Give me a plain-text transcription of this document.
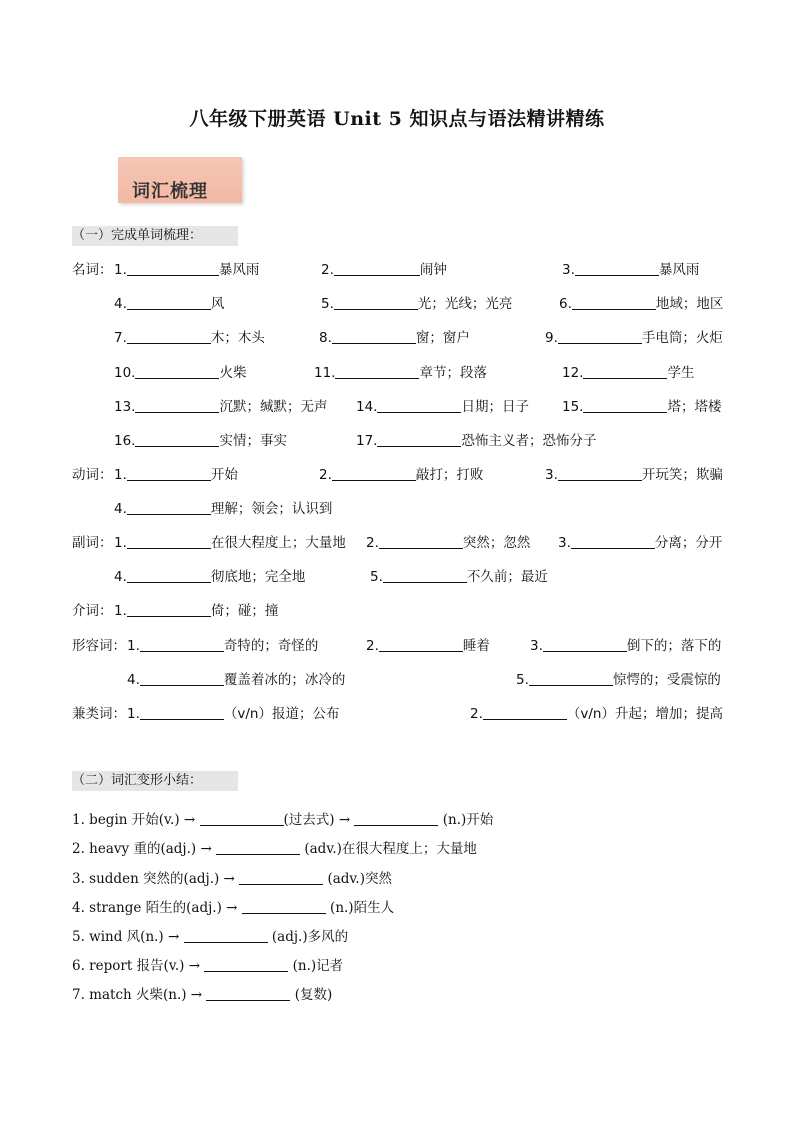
八年级下册英语 Unit 5 知识点与语法精讲精练
词汇梳理
（一）完成单词梳理：
名词： 1.	暴风雨	2.	闹钟	3.	暴风雨
4.	风	5.	光；光线；光亮	6.	地域；地区
7.	木；木头	8.	窗；窗户	9.	手电筒；火炬
10.	火柴	11.	章节；段落	12.	学生
13.	沉默；缄默；无声 14.	日期；日子 15.	塔；塔楼
16.	实情；事实	17.	恐怖主义者；恐怖分子
动词： 1.	开始	2.	敲打；打败	3.	开玩笑；欺骗
4.	理解；领会；认识到
副词： 1.	在很大程度上；大量地 2.	突然；忽然 3.	分离；分开
4.	彻底地；完全地	5.	不久前；最近
介词： 1.	倚；碰；撞
形容词： 1.	奇特的；奇怪的	2.	睡着	3.	倒下的；落下的
4.	覆盖着冰的；冰冷的	5.	惊愕的；受震惊的
兼类词： 1.	（v/n）报道；公布	2.	（v/n）升起；增加；提高
（二）词汇变形小结：
1. begin 开始(v.) →	(过去式) →	(n.)开始
2. heavy 重的(adj.) →	(adv.)在很大程度上；大量地
3. sudden 突然的(adj.) →	(adv.)突然
4. strange 陌生的(adj.) →	(n.)陌生人
5. wind 风(n.) →	(adj.)多风的
6. report 报告(v.) →	(n.)记者
7. match 火柴(n.) →	(复数)
